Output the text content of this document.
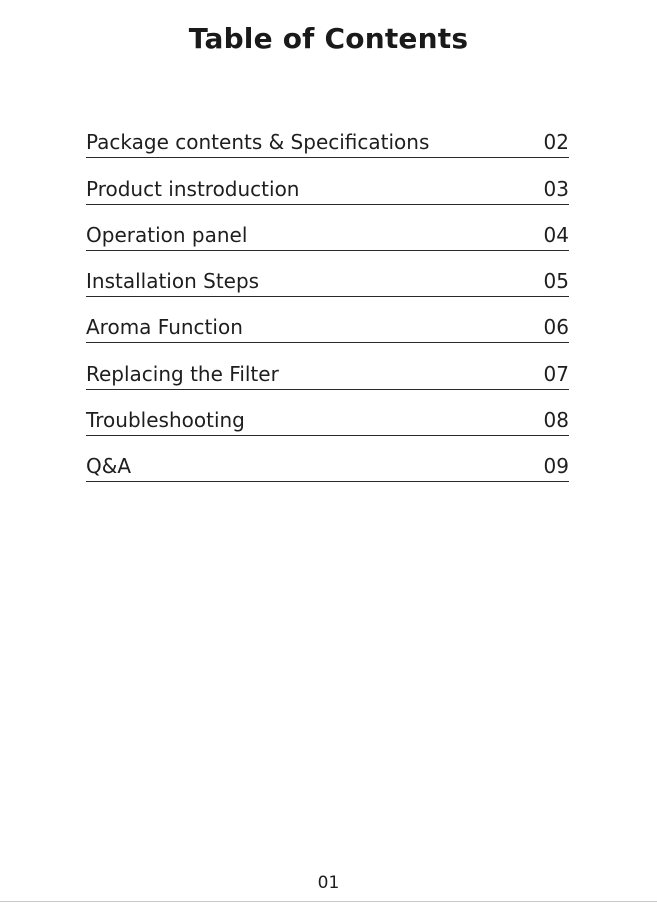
Table of Contents
Package contents & Specifications	02
Product instroduction	03
Operation panel	04
Installation Steps	05
Aroma Function	06
Replacing the Filter	07
Troubleshooting	08
Q&A	09
01
